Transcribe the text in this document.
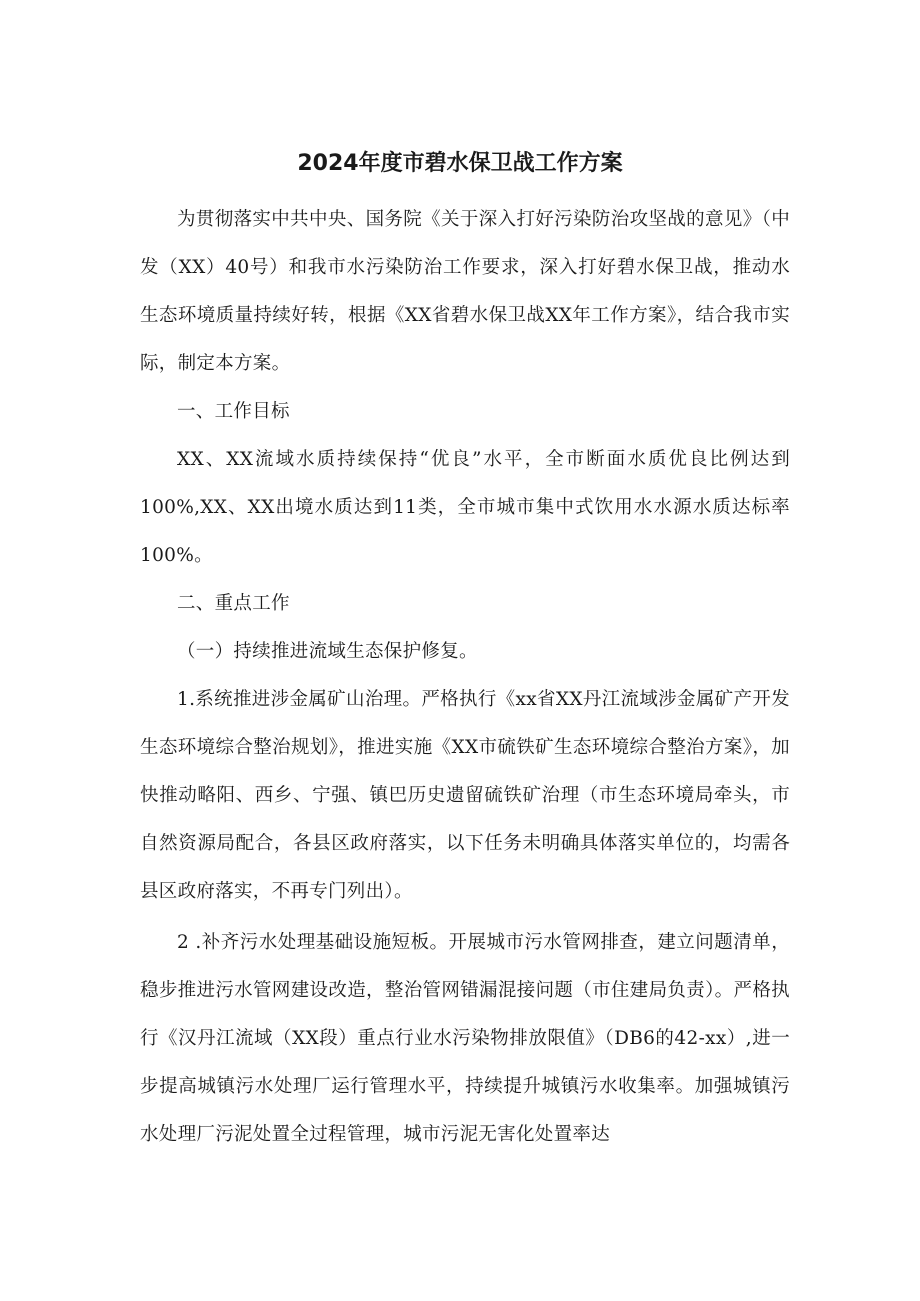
2024年度市碧水保卫战工作方案

为贯彻落实中共中央、国务院《关于深入打好污染防治攻坚战的意见》（中发（XX）40号）和我市水污染防治工作要求，深入打好碧水保卫战，推动水生态环境质量持续好转，根据《XX省碧水保卫战XX年工作方案》，结合我市实际，制定本方案。

一、工作目标

XX、XX流域水质持续保持“优良”水平，全市断面水质优良比例达到100%,XX、XX出境水质达到11类，全市城市集中式饮用水水源水质达标率100%。

二、重点工作

（一）持续推进流域生态保护修复。

1.系统推进涉金属矿山治理。严格执行《xx省XX丹江流域涉金属矿产开发生态环境综合整治规划》，推进实施《XX市硫铁矿生态环境综合整治方案》，加快推动略阳、西乡、宁强、镇巴历史遗留硫铁矿治理（市生态环境局牵头，市自然资源局配合，各县区政府落实，以下任务未明确具体落实单位的，均需各县区政府落实，不再专门列出）。

2 .补齐污水处理基础设施短板。开展城市污水管网排查，建立问题清单，稳步推进污水管网建设改造，整治管网错漏混接问题（市住建局负责）。严格执行《汉丹江流域（XX段）重点行业水污染物排放限值》（DB6的42-xx）,进一步提高城镇污水处理厂运行管理水平，持续提升城镇污水收集率。加强城镇污水处理厂污泥处置全过程管理，城市污泥无害化处置率达
